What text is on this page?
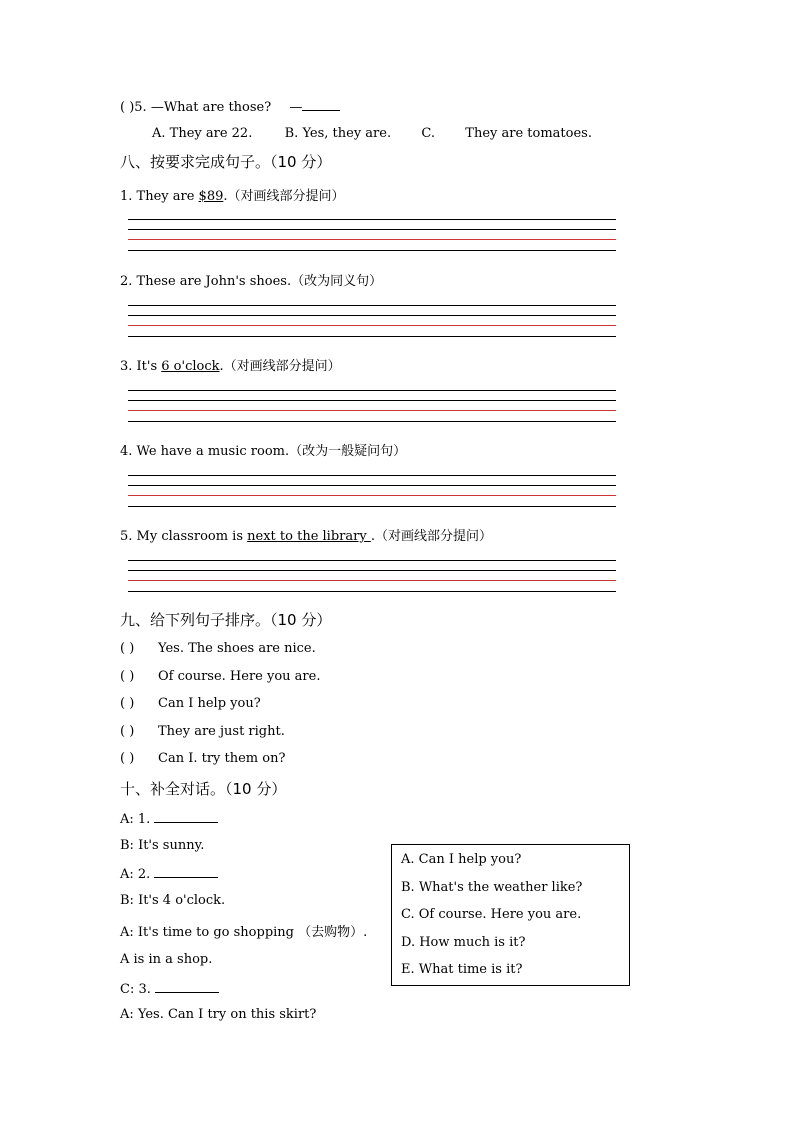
( )5. —What are those? —
A. They are 22. B. Yes, they are. C. They are tomatoes.
八、按要求完成句子。（10 分）
1. They are $89.（对画线部分提问）
2. These are John's shoes.（改为同义句）
3. It's 6 o'clock.（对画线部分提问）
4. We have a music room.（改为一般疑问句）
5. My classroom is next to the library .（对画线部分提问）
九、给下列句子排序。（10 分）
( ) Yes. The shoes are nice.
( ) Of course. Here you are.
( ) Can I help you?
( ) They are just right.
( ) Can I. try them on?
十、补全对话。（10 分）
A: 1.
B: It's sunny.
A: 2.
B: It's 4 o'clock.
A: It's time to go shopping （去购物）.
A is in a shop.
C: 3.
A: Yes. Can I try on this skirt?
A. Can I help you?
B. What's the weather like?
C. Of course. Here you are.
D. How much is it?
E. What time is it?
